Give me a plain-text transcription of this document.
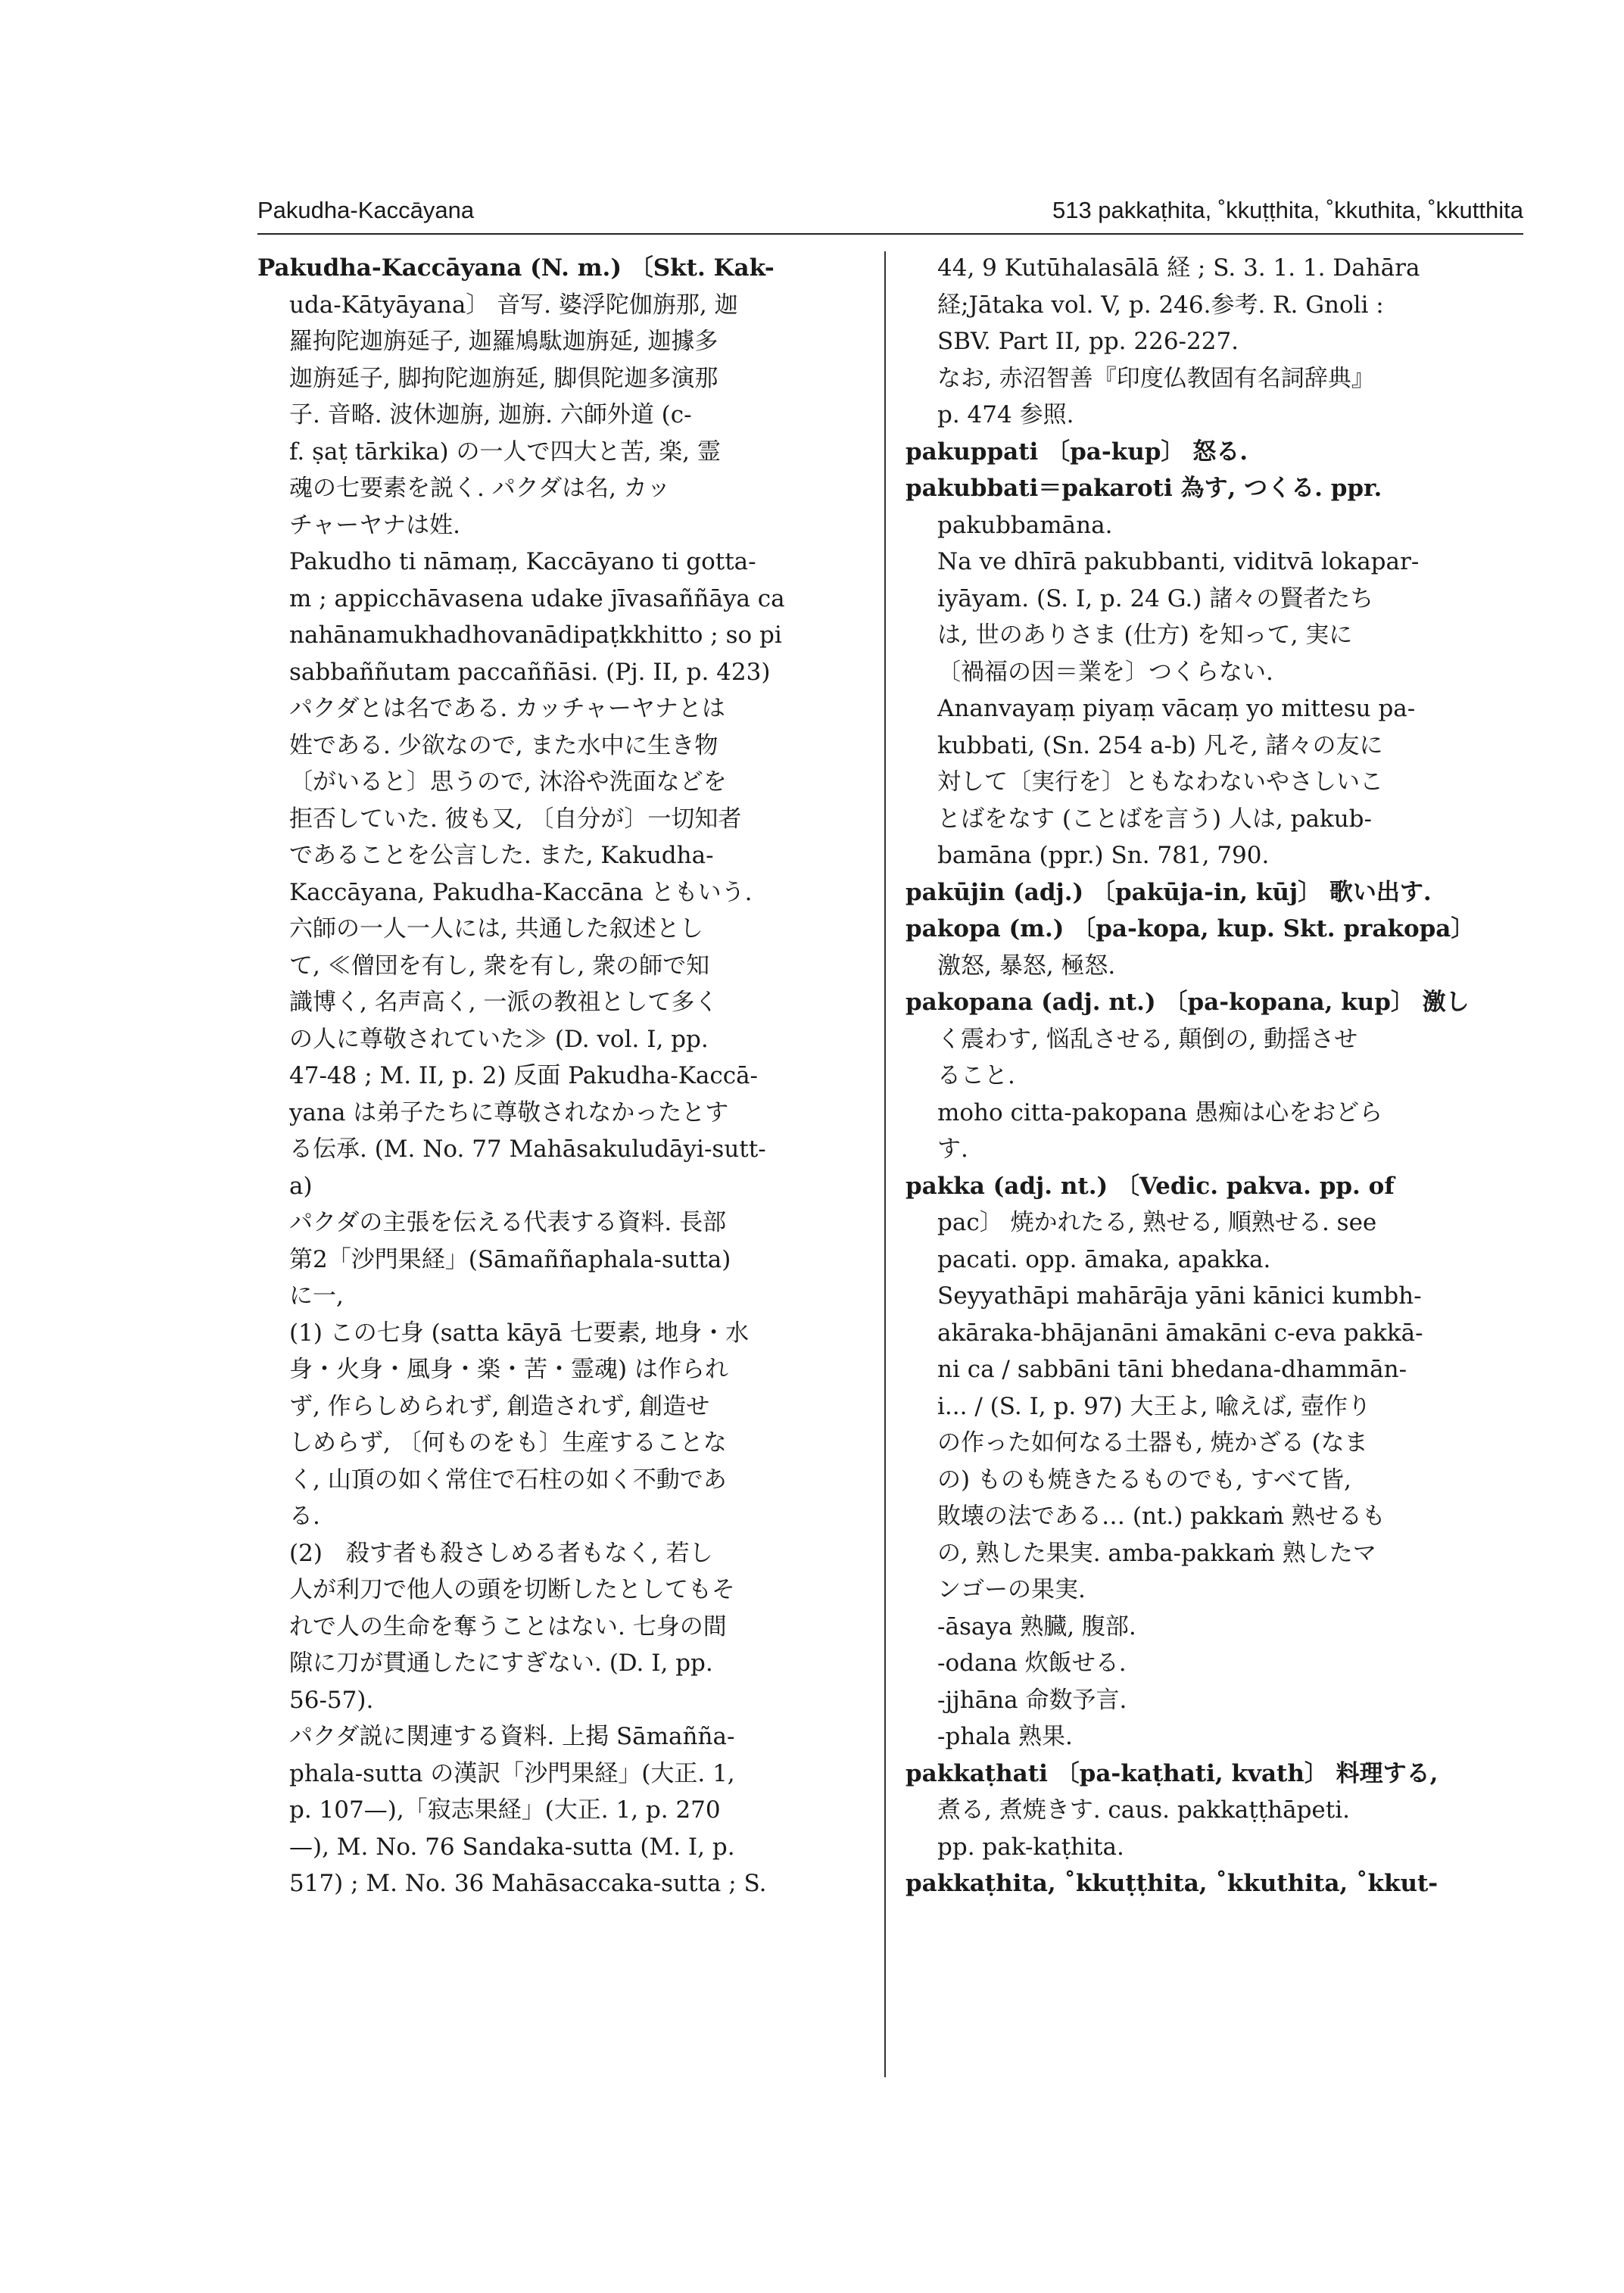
Pakudha-Kaccāyana	513 pakkaṭhita, ˚kkuṭṭhita, ˚kkuthita, ˚kkutthita

Pakudha-Kaccāyana (N. m.) 〔Skt. Kak-

uda-Kātyāyana〕 音写. 婆浮陀伽旃那, 迦

羅拘陀迦旃延子, 迦羅鳩駄迦旃延, 迦據多

迦旃延子, 脚拘陀迦旃延, 脚倶陀迦多演那

子. 音略. 波休迦旃, 迦旃. 六師外道 (c-

f. ṣaṭ tārkika) の一人で四大と苦, 楽, 霊

魂の七要素を説く. パクダは名, カッ

チャーヤナは姓.

Pakudho ti nāmaṃ, Kaccāyano ti gotta-

m ; appicchāvasena udake jīvasaññāya ca

nahānamukhadhovanādipaṭkkhitto ; so pi

sabbaññutam paccaññāsi. (Pj. II, p. 423)

パクダとは名である. カッチャーヤナとは

姓である. 少欲なので, また水中に生き物

〔がいると〕思うので, 沐浴や洗面などを

拒否していた. 彼も又, 〔自分が〕一切知者

であることを公言した. また, Kakudha-

Kaccāyana, Pakudha-Kaccāna ともいう.

六師の一人一人には, 共通した叙述とし

て, ≪僧団を有し, 衆を有し, 衆の師で知

識博く, 名声高く, 一派の教祖として多く

の人に尊敬されていた≫ (D. vol. I, pp.

47-48 ; M. II, p. 2) 反面 Pakudha-Kaccā-

yana は弟子たちに尊敬されなかったとす

る伝承. (M. No. 77 Mahāsakuludāyi-sutt-

a)

パクダの主張を伝える代表する資料. 長部

第2「沙門果経」(Sāmaññaphala-sutta)

に一,

(1) この七身 (satta kāyā 七要素, 地身・水

身・火身・風身・楽・苦・霊魂) は作られ

ず, 作らしめられず, 創造されず, 創造せ

しめらず, 〔何ものをも〕生産することな

く, 山頂の如く常住で石柱の如く不動であ

る.

(2)　殺す者も殺さしめる者もなく, 若し

人が利刀で他人の頭を切断したとしてもそ

れで人の生命を奪うことはない. 七身の間

隙に刀が貫通したにすぎない. (D. I, pp.

56-57).

パクダ説に関連する資料. 上掲 Sāmañña-

phala-sutta の漢訳「沙門果経」(大正. 1,

p. 107—),「寂志果経」(大正. 1, p. 270

—), M. No. 76 Sandaka-sutta (M. I, p.

517) ; M. No. 36 Mahāsaccaka-sutta ; S.

44, 9 Kutūhalasālā 経 ; S. 3. 1. 1. Dahāra

経;Jātaka vol. V, p. 246.参考. R. Gnoli :

SBV. Part II, pp. 226-227.

なお, 赤沼智善『印度仏教固有名詞辞典』

p. 474 参照.

pakuppati 〔pa-kup〕 怒る.

pakubbati＝pakaroti 為す, つくる. ppr.

pakubbamāna.

Na ve dhīrā pakubbanti, viditvā lokapar-

iyāyam. (S. I, p. 24 G.) 諸々の賢者たち

は, 世のありさま (仕方) を知って, 実に

〔禍福の因＝業を〕つくらない.

Ananvayaṃ piyaṃ vācaṃ yo mittesu pa-

kubbati, (Sn. 254 a-b) 凡そ, 諸々の友に

対して〔実行を〕ともなわないやさしいこ

とばをなす (ことばを言う) 人は, pakub-

bamāna (ppr.) Sn. 781, 790.

pakūjin (adj.) 〔pakūja-in, kūj〕 歌い出す.

pakopa (m.) 〔pa-kopa, kup. Skt. prakopa〕

激怒, 暴怒, 極怒.

pakopana (adj. nt.) 〔pa-kopana, kup〕 激し

く震わす, 悩乱させる, 顛倒の, 動揺させ

ること.

moho citta-pakopana 愚痴は心をおどら

す.

pakka (adj. nt.) 〔Vedic. pakva. pp. of

pac〕 焼かれたる, 熟せる, 順熟せる. see

pacati. opp. āmaka, apakka.

Seyyathāpi mahārāja yāni kānici kumbh-

akāraka-bhājanāni āmakāni c-eva pakkā-

ni ca / sabbāni tāni bhedana-dhammān-

i... / (S. I, p. 97) 大王よ, 喩えば, 壺作り

の作った如何なる土器も, 焼かざる (なま

の) ものも焼きたるものでも, すべて皆,

敗壊の法である… (nt.) pakkaṁ 熟せるも

の, 熟した果実. amba-pakkaṁ 熟したマ

ンゴーの果実.

-āsaya 熟臓, 腹部.

-odana 炊飯せる.

-jjhāna 命数予言.

-phala 熟果.

pakkaṭhati 〔pa-kaṭhati, kvath〕 料理する,

煮る, 煮焼きす. caus. pakkaṭṭhāpeti.

pp. pak-kaṭhita.

pakkaṭhita, ˚kkuṭṭhita, ˚kkuthita, ˚kkut-
